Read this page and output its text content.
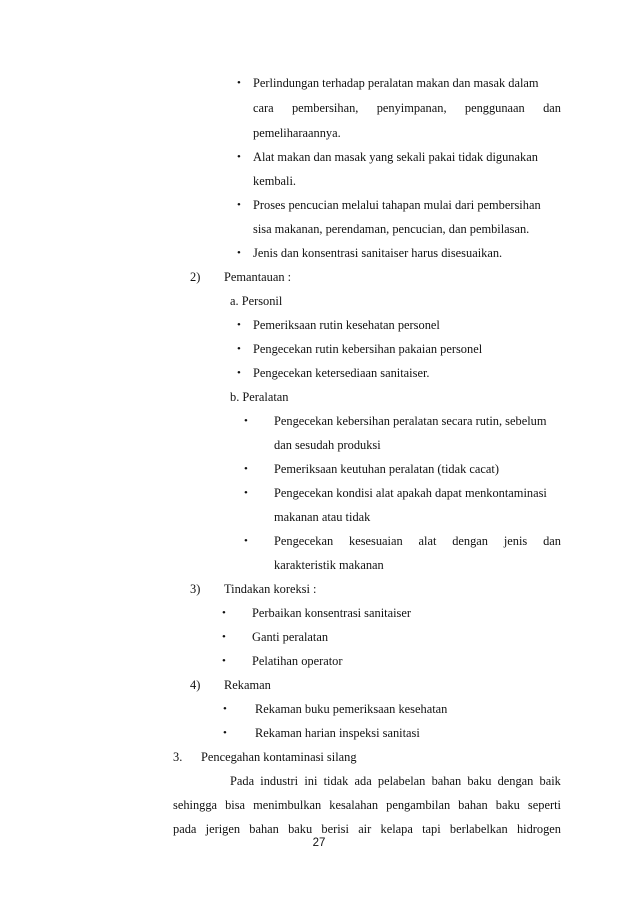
• Perlindungan terhadap peralatan makan dan masak dalam
cara pembersihan, penyimpanan, penggunaan dan
pemeliharaannya.
• Alat makan dan masak yang sekali pakai tidak digunakan
kembali.
• Proses pencucian melalui tahapan mulai dari pembersihan
sisa makanan, perendaman, pencucian, dan pembilasan.
• Jenis dan konsentrasi sanitaiser harus disesuaikan.
2) Pemantauan :
a. Personil
• Pemeriksaan rutin kesehatan personel
• Pengecekan rutin kebersihan pakaian personel
• Pengecekan ketersediaan sanitaiser.
b. Peralatan
• Pengecekan kebersihan peralatan secara rutin, sebelum
dan sesudah produksi
• Pemeriksaan keutuhan peralatan (tidak cacat)
• Pengecekan kondisi alat apakah dapat menkontaminasi
makanan atau tidak
• Pengecekan kesesuaian alat dengan jenis dan
karakteristik makanan
3) Tindakan koreksi :
• Perbaikan konsentrasi sanitaiser
• Ganti peralatan
• Pelatihan operator
4) Rekaman
• Rekaman buku pemeriksaan kesehatan
• Rekaman harian inspeksi sanitasi
3. Pencegahan kontaminasi silang
Pada industri ini tidak ada pelabelan bahan baku dengan baik
sehingga bisa menimbulkan kesalahan pengambilan bahan baku seperti
pada jerigen bahan baku berisi air kelapa tapi berlabelkan hidrogen
27
